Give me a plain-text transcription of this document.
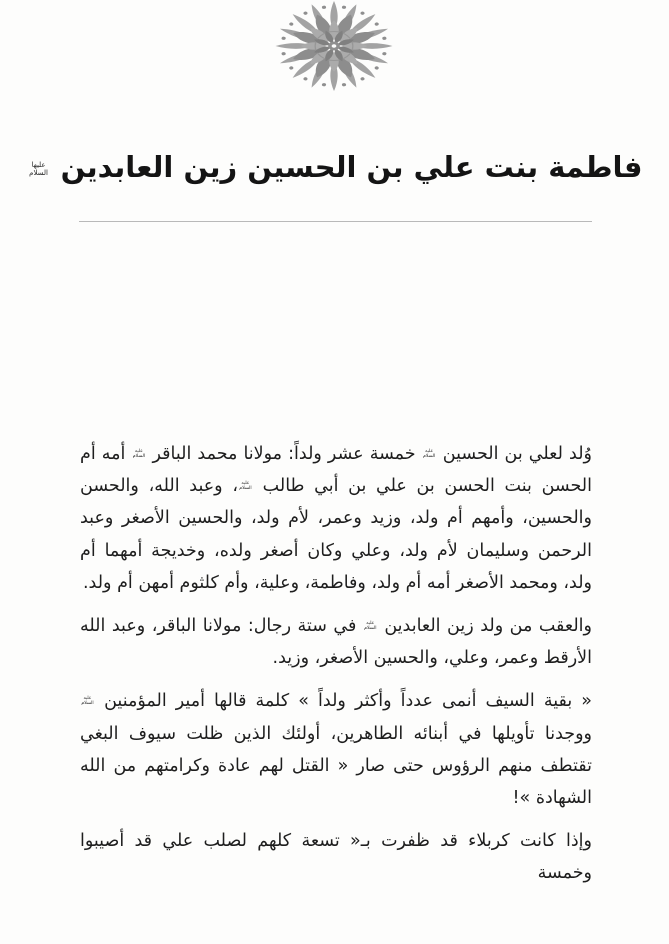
فاطمة بنت علي بن الحسين زين العابدين عليها السلام

وُلد لعلي بن الحسين عليه السلام خمسة عشر ولداً: مولانا محمد الباقر عليه السلام أمه أم الحسن بنت الحسن بن علي بن أبي طالب عليه السلام، وعبد الله، والحسن والحسين، وأمهم أم ولد، وزيد وعمر، لأم ولد، والحسين الأصغر وعبد الرحمن وسليمان لأم ولد، وعلي وكان أصغر ولده، وخديجة أمهما أم ولد، ومحمد الأصغر أمه أم ولد، وفاطمة، وعلية، وأم كلثوم أمهن أم ولد.

والعقب من ولد زين العابدين عليه السلام في ستة رجال: مولانا الباقر، وعبد الله الأرقط وعمر، وعلي، والحسين الأصغر، وزيد.

« بقية السيف أنمى عدداً وأكثر ولداً » كلمة قالها أمير المؤمنين عليه السلام ووجدنا تأويلها في أبنائه الطاهرين، أولئك الذين ظلت سيوف البغي تقتطف منهم الرؤوس حتى صار « القتل لهم عادة وكرامتهم من الله الشهادة »!

وإذا كانت كربلاء قد ظفرت بـ« تسعة كلهم لصلب علي قد أصيبوا وخمسة
